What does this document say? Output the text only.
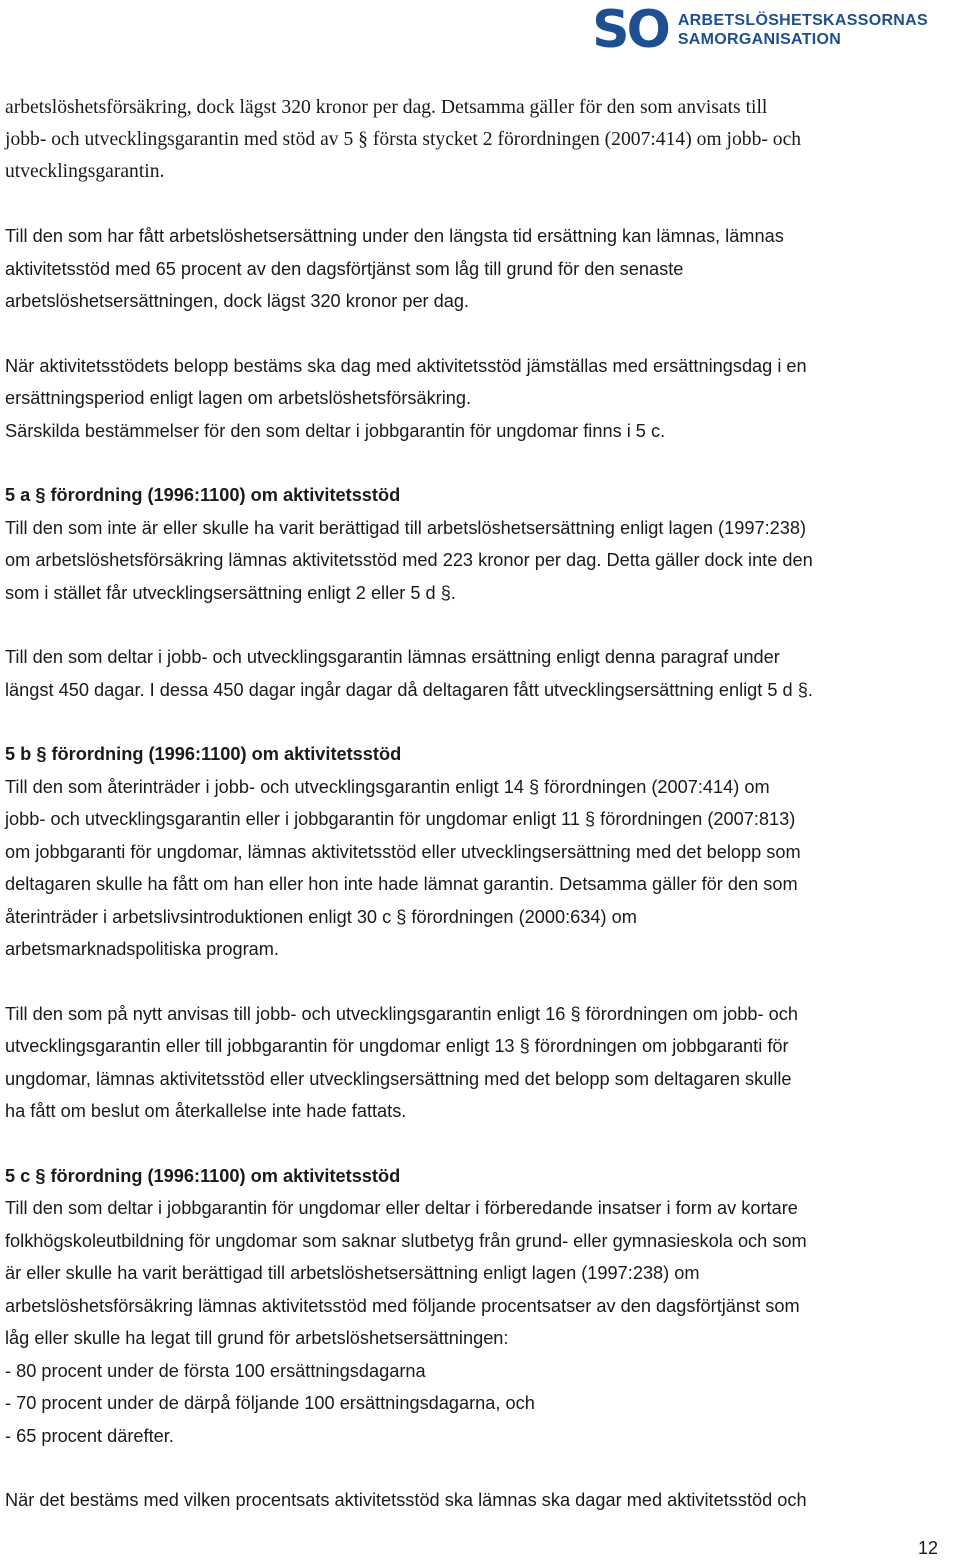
SO ARBETSLÖSHETSKASSORNAS
SAMORGANISATION

arbetslöshetsförsäkring, dock lägst 320 kronor per dag. Detsamma gäller för den som anvisats till

jobb- och utvecklingsgarantin med stöd av 5 § första stycket 2 förordningen (2007:414) om jobb- och

utvecklingsgarantin.

Till den som har fått arbetslöshetsersättning under den längsta tid ersättning kan lämnas, lämnas

aktivitetsstöd med 65 procent av den dagsförtjänst som låg till grund för den senaste

arbetslöshetsersättningen, dock lägst 320 kronor per dag.

När aktivitetsstödets belopp bestäms ska dag med aktivitetsstöd jämställas med ersättningsdag i en

ersättningsperiod enligt lagen om arbetslöshetsförsäkring.

Särskilda bestämmelser för den som deltar i jobbgarantin för ungdomar finns i 5 c.

5 a § förordning (1996:1100) om aktivitetsstöd

Till den som inte är eller skulle ha varit berättigad till arbetslöshetsersättning enligt lagen (1997:238)

om arbetslöshetsförsäkring lämnas aktivitetsstöd med 223 kronor per dag. Detta gäller dock inte den

som i stället får utvecklingsersättning enligt 2 eller 5 d §.

Till den som deltar i jobb- och utvecklingsgarantin lämnas ersättning enligt denna paragraf under

längst 450 dagar. I dessa 450 dagar ingår dagar då deltagaren fått utvecklingsersättning enligt 5 d §.

5 b § förordning (1996:1100) om aktivitetsstöd

Till den som återinträder i jobb- och utvecklingsgarantin enligt 14 § förordningen (2007:414) om

jobb- och utvecklingsgarantin eller i jobbgarantin för ungdomar enligt 11 § förordningen (2007:813)

om jobbgaranti för ungdomar, lämnas aktivitetsstöd eller utvecklingsersättning med det belopp som

deltagaren skulle ha fått om han eller hon inte hade lämnat garantin. Detsamma gäller för den som

återinträder i arbetslivsintroduktionen enligt 30 c § förordningen (2000:634) om

arbetsmarknadspolitiska program.

Till den som på nytt anvisas till jobb- och utvecklingsgarantin enligt 16 § förordningen om jobb- och

utvecklingsgarantin eller till jobbgarantin för ungdomar enligt 13 § förordningen om jobbgaranti för

ungdomar, lämnas aktivitetsstöd eller utvecklingsersättning med det belopp som deltagaren skulle

ha fått om beslut om återkallelse inte hade fattats.

5 c § förordning (1996:1100) om aktivitetsstöd

Till den som deltar i jobbgarantin för ungdomar eller deltar i förberedande insatser i form av kortare

folkhögskoleutbildning för ungdomar som saknar slutbetyg från grund- eller gymnasieskola och som

är eller skulle ha varit berättigad till arbetslöshetsersättning enligt lagen (1997:238) om

arbetslöshetsförsäkring lämnas aktivitetsstöd med följande procentsatser av den dagsförtjänst som

låg eller skulle ha legat till grund för arbetslöshetsersättningen:

- 80 procent under de första 100 ersättningsdagarna

- 70 procent under de därpå följande 100 ersättningsdagarna, och

- 65 procent därefter.

När det bestäms med vilken procentsats aktivitetsstöd ska lämnas ska dagar med aktivitetsstöd och

12
